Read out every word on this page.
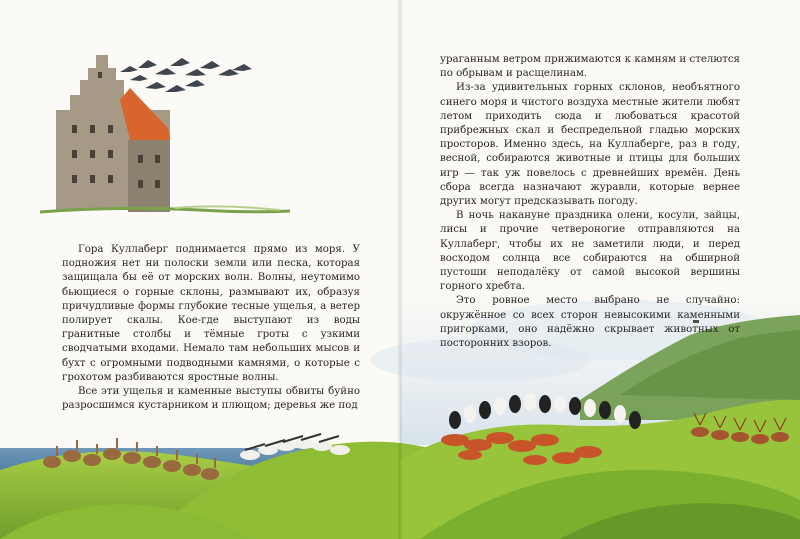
Гора Куллаберг поднимается прямо из моря. У подножия нет ни полоски земли или песка, которая защищала бы её от морских волн. Волны, неутомимо бьющиеся о горные склоны, размывают их, образуя причудливые формы глубокие тесные ущелья, а ветер полирует скалы. Кое-где выступают из воды гранитные столбы и тёмные гроты с узкими сводчатыми входами. Немало там небольших мысов и бухт с огромными подводными камнями, о которые с грохотом разбиваются яростные волны.

Все эти ущелья и каменные выступы обвиты буйно разросшимся кустарником и плющом; деревья же под

ураганным ветром прижимаются к камням и стелются по обрывам и расщелинам.

Из-за удивительных горных склонов, необъятного синего моря и чистого воздуха местные жители любят летом приходить сюда и любоваться красотой прибрежных скал и беспредельной гладью морских просторов. Именно здесь, на Куллаберге, раз в году, весной, собираются животные и птицы для больших игр — так уж повелось с древнейших времён. День сбора всегда назначают журавли, которые вернее других могут предсказывать погоду.

В ночь накануне праздника олени, косули, зайцы, лисы и прочие четвероногие отправляются на Куллаберг, чтобы их не заметили люди, и перед восходом солнца все собираются на обширной пустоши неподалёку от самой высокой вершины горного хребта.

Это ровное место выбрано не случайно: окружённое со всех сторон невысокими каменными пригорками, оно надёжно скрывает животных от посторонних взоров.
